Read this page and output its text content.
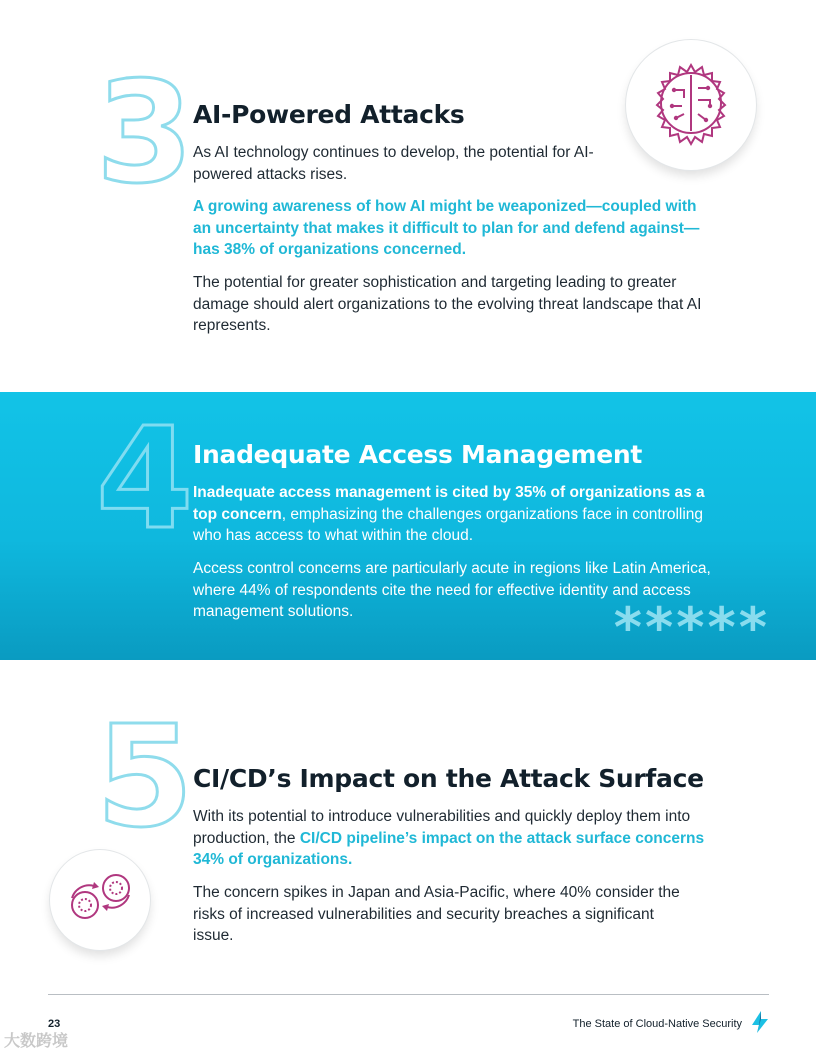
3 AI-Powered Attacks
As AI technology continues to develop, the potential for AI-powered attacks rises.
A growing awareness of how AI might be weaponized—coupled with an uncertainty that makes it difficult to plan for and defend against—has 38% of organizations concerned.
The potential for greater sophistication and targeting leading to greater damage should alert organizations to the evolving threat landscape that AI represents.
4 Inadequate Access Management
Inadequate access management is cited by 35% of organizations as a top concern, emphasizing the challenges organizations face in controlling who has access to what within the cloud.
Access control concerns are particularly acute in regions like Latin America, where 44% of respondents cite the need for effective identity and access management solutions.	*****
5 CI/CD’s Impact on the Attack Surface
With its potential to introduce vulnerabilities and quickly deploy them into production, the CI/CD pipeline’s impact on the attack surface concerns 34% of organizations.
The concern spikes in Japan and Asia-Pacific, where 40% consider the risks of increased vulnerabilities and security breaches a significant issue.
23	The State of Cloud-Native Security
大数跨境
